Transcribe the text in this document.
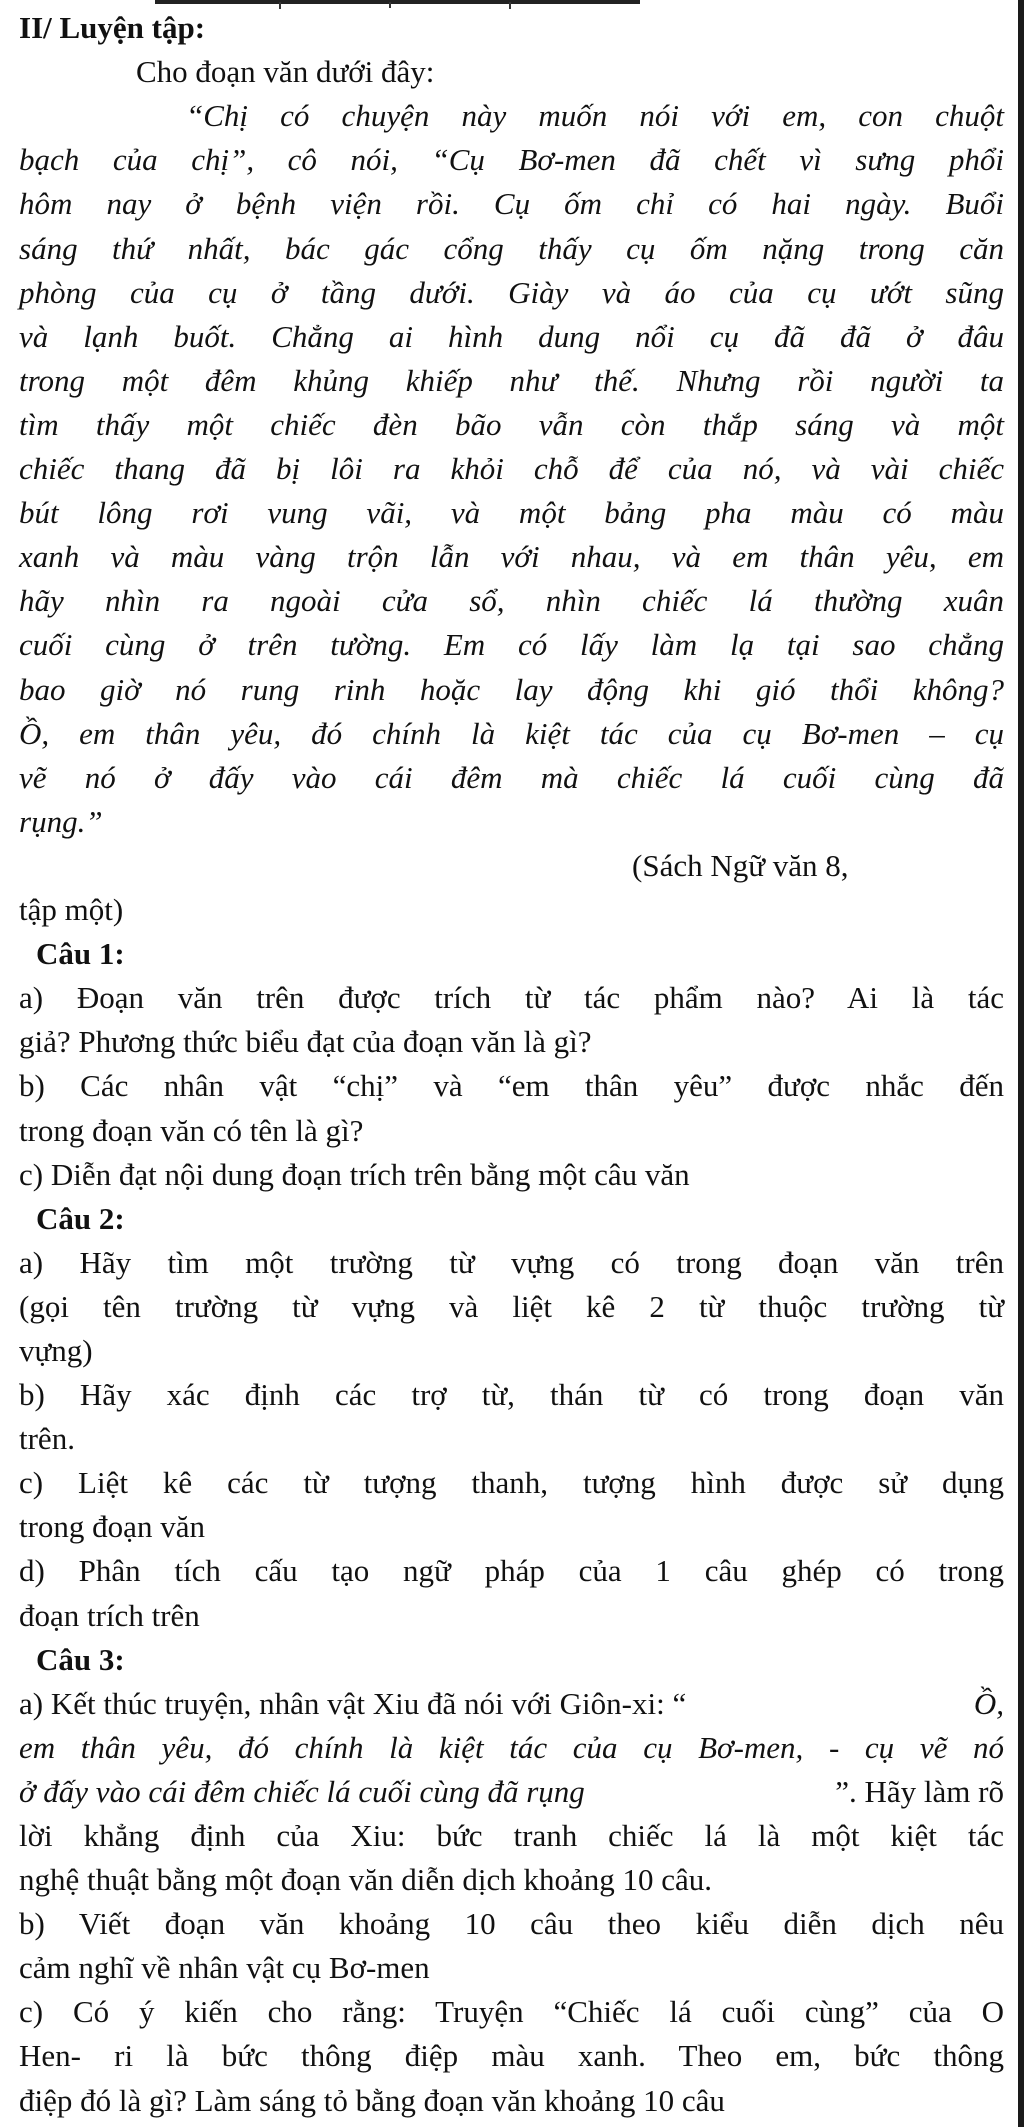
II/ Luyện tập:
Cho đoạn văn dưới đây:
“Chị có chuyện này muốn nói với em, con chuột
bạch của chị”, cô nói, “Cụ Bơ-men đã chết vì sưng phổi
hôm nay ở bệnh viện rồi. Cụ ốm chỉ có hai ngày. Buổi
sáng thứ nhất, bác gác cổng thấy cụ ốm nặng trong căn
phòng của cụ ở tầng dưới. Giày và áo của cụ ướt sũng
và lạnh buốt. Chẳng ai hình dung nổi cụ đã đã ở đâu
trong một đêm khủng khiếp như thế. Nhưng rồi người ta
tìm thấy một chiếc đèn bão vẫn còn thắp sáng và một
chiếc thang đã bị lôi ra khỏi chỗ để của nó, và vài chiếc
bút lông rơi vung vãi, và một bảng pha màu có màu
xanh và màu vàng trộn lẫn với nhau, và em thân yêu, em
hãy nhìn ra ngoài cửa sổ, nhìn chiếc lá thường xuân
cuối cùng ở trên tường. Em có lấy làm lạ tại sao chẳng
bao giờ nó rung rinh hoặc lay động khi gió thổi không?
Ồ, em thân yêu, đó chính là kiệt tác của cụ Bơ-men – cụ
vẽ nó ở đấy vào cái đêm mà chiếc lá cuối cùng đã
rụng.”
(Sách Ngữ văn 8,
tập một)
Câu 1:
a) Đoạn văn trên được trích từ tác phẩm nào? Ai là tác
giả? Phương thức biểu đạt của đoạn văn là gì?
b) Các nhân vật “chị” và “em thân yêu” được nhắc đến
trong đoạn văn có tên là gì?
c) Diễn đạt nội dung đoạn trích trên bằng một câu văn
Câu 2:
a) Hãy tìm một trường từ vựng có trong đoạn văn trên
(gọi tên trường từ vựng và liệt kê 2 từ thuộc trường từ
vựng)
b) Hãy xác định các trợ từ, thán từ có trong đoạn văn
trên.
c) Liệt kê các từ tượng thanh, tượng hình được sử dụng
trong đoạn văn
d) Phân tích cấu tạo ngữ pháp của 1 câu ghép có trong
đoạn trích trên
Câu 3:
a) Kết thúc truyện, nhân vật Xiu đã nói với Giôn-xi: “	Ồ,
em thân yêu, đó chính là kiệt tác của cụ Bơ-men, - cụ vẽ nó
ở đấy vào cái đêm chiếc lá cuối cùng đã rụng	”. Hãy làm rõ
lời khẳng định của Xiu: bức tranh chiếc lá là một kiệt tác
nghệ thuật bằng một đoạn văn diễn dịch khoảng 10 câu.
b) Viết đoạn văn khoảng 10 câu theo kiểu diễn dịch nêu
cảm nghĩ về nhân vật cụ Bơ-men
c) Có ý kiến cho rằng: Truyện “Chiếc lá cuối cùng” của O
Hen- ri là bức thông điệp màu xanh. Theo em, bức thông
điệp đó là gì? Làm sáng tỏ bằng đoạn văn khoảng 10 câu
